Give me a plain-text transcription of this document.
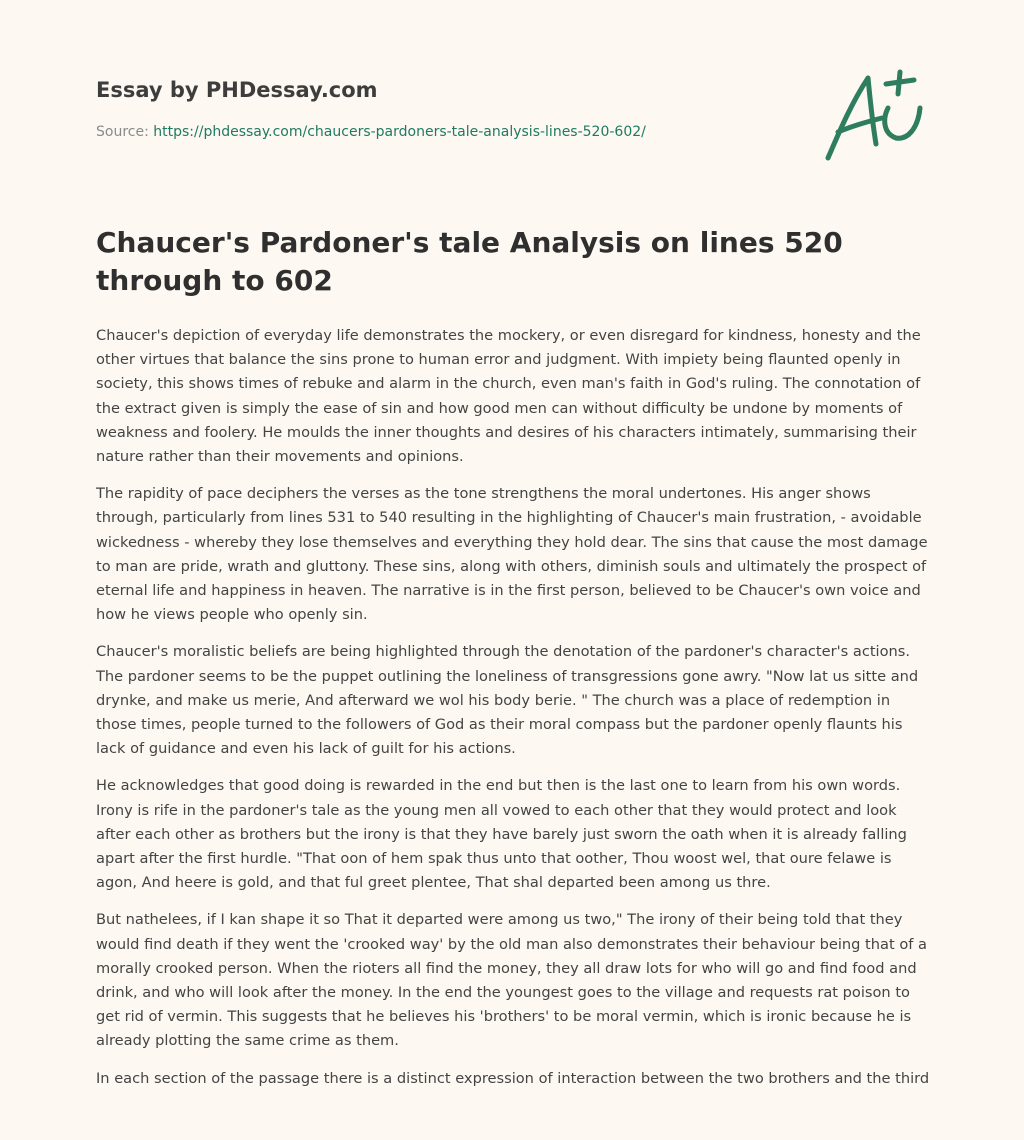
Essay by PHDessay.com
Source: https://phdessay.com/chaucers-pardoners-tale-analysis-lines-520-602/
Chaucer's Pardoner's tale Analysis on lines 520 through to 602

Chaucer's depiction of everyday life demonstrates the mockery, or even disregard for kindness, honesty and the other virtues that balance the sins prone to human error and judgment. With impiety being flaunted openly in society, this shows times of rebuke and alarm in the church, even man's faith in God's ruling. The connotation of the extract given is simply the ease of sin and how good men can without difficulty be undone by moments of weakness and foolery. He moulds the inner thoughts and desires of his characters intimately, summarising their nature rather than their movements and opinions.

The rapidity of pace deciphers the verses as the tone strengthens the moral undertones. His anger shows through, particularly from lines 531 to 540 resulting in the highlighting of Chaucer's main frustration, - avoidable wickedness - whereby they lose themselves and everything they hold dear. The sins that cause the most damage to man are pride, wrath and gluttony. These sins, along with others, diminish souls and ultimately the prospect of eternal life and happiness in heaven. The narrative is in the first person, believed to be Chaucer's own voice and how he views people who openly sin.

Chaucer's moralistic beliefs are being highlighted through the denotation of the pardoner's character's actions. The pardoner seems to be the puppet outlining the loneliness of transgressions gone awry. "Now lat us sitte and drynke, and make us merie, And afterward we wol his body berie. " The church was a place of redemption in those times, people turned to the followers of God as their moral compass but the pardoner openly flaunts his lack of guidance and even his lack of guilt for his actions.

He acknowledges that good doing is rewarded in the end but then is the last one to learn from his own words. Irony is rife in the pardoner's tale as the young men all vowed to each other that they would protect and look after each other as brothers but the irony is that they have barely just sworn the oath when it is already falling apart after the first hurdle. "That oon of hem spak thus unto that oother, Thou woost wel, that oure felawe is agon, And heere is gold, and that ful greet plentee, That shal departed been among us thre.

But nathelees, if I kan shape it so That it departed were among us two," The irony of their being told that they would find death if they went the 'crooked way' by the old man also demonstrates their behaviour being that of a morally crooked person. When the rioters all find the money, they all draw lots for who will go and find food and drink, and who will look after the money. In the end the youngest goes to the village and requests rat poison to get rid of vermin. This suggests that he believes his 'brothers' to be moral vermin, which is ironic because he is already plotting the same crime as them.

In each section of the passage there is a distinct expression of interaction between the two brothers and the third
